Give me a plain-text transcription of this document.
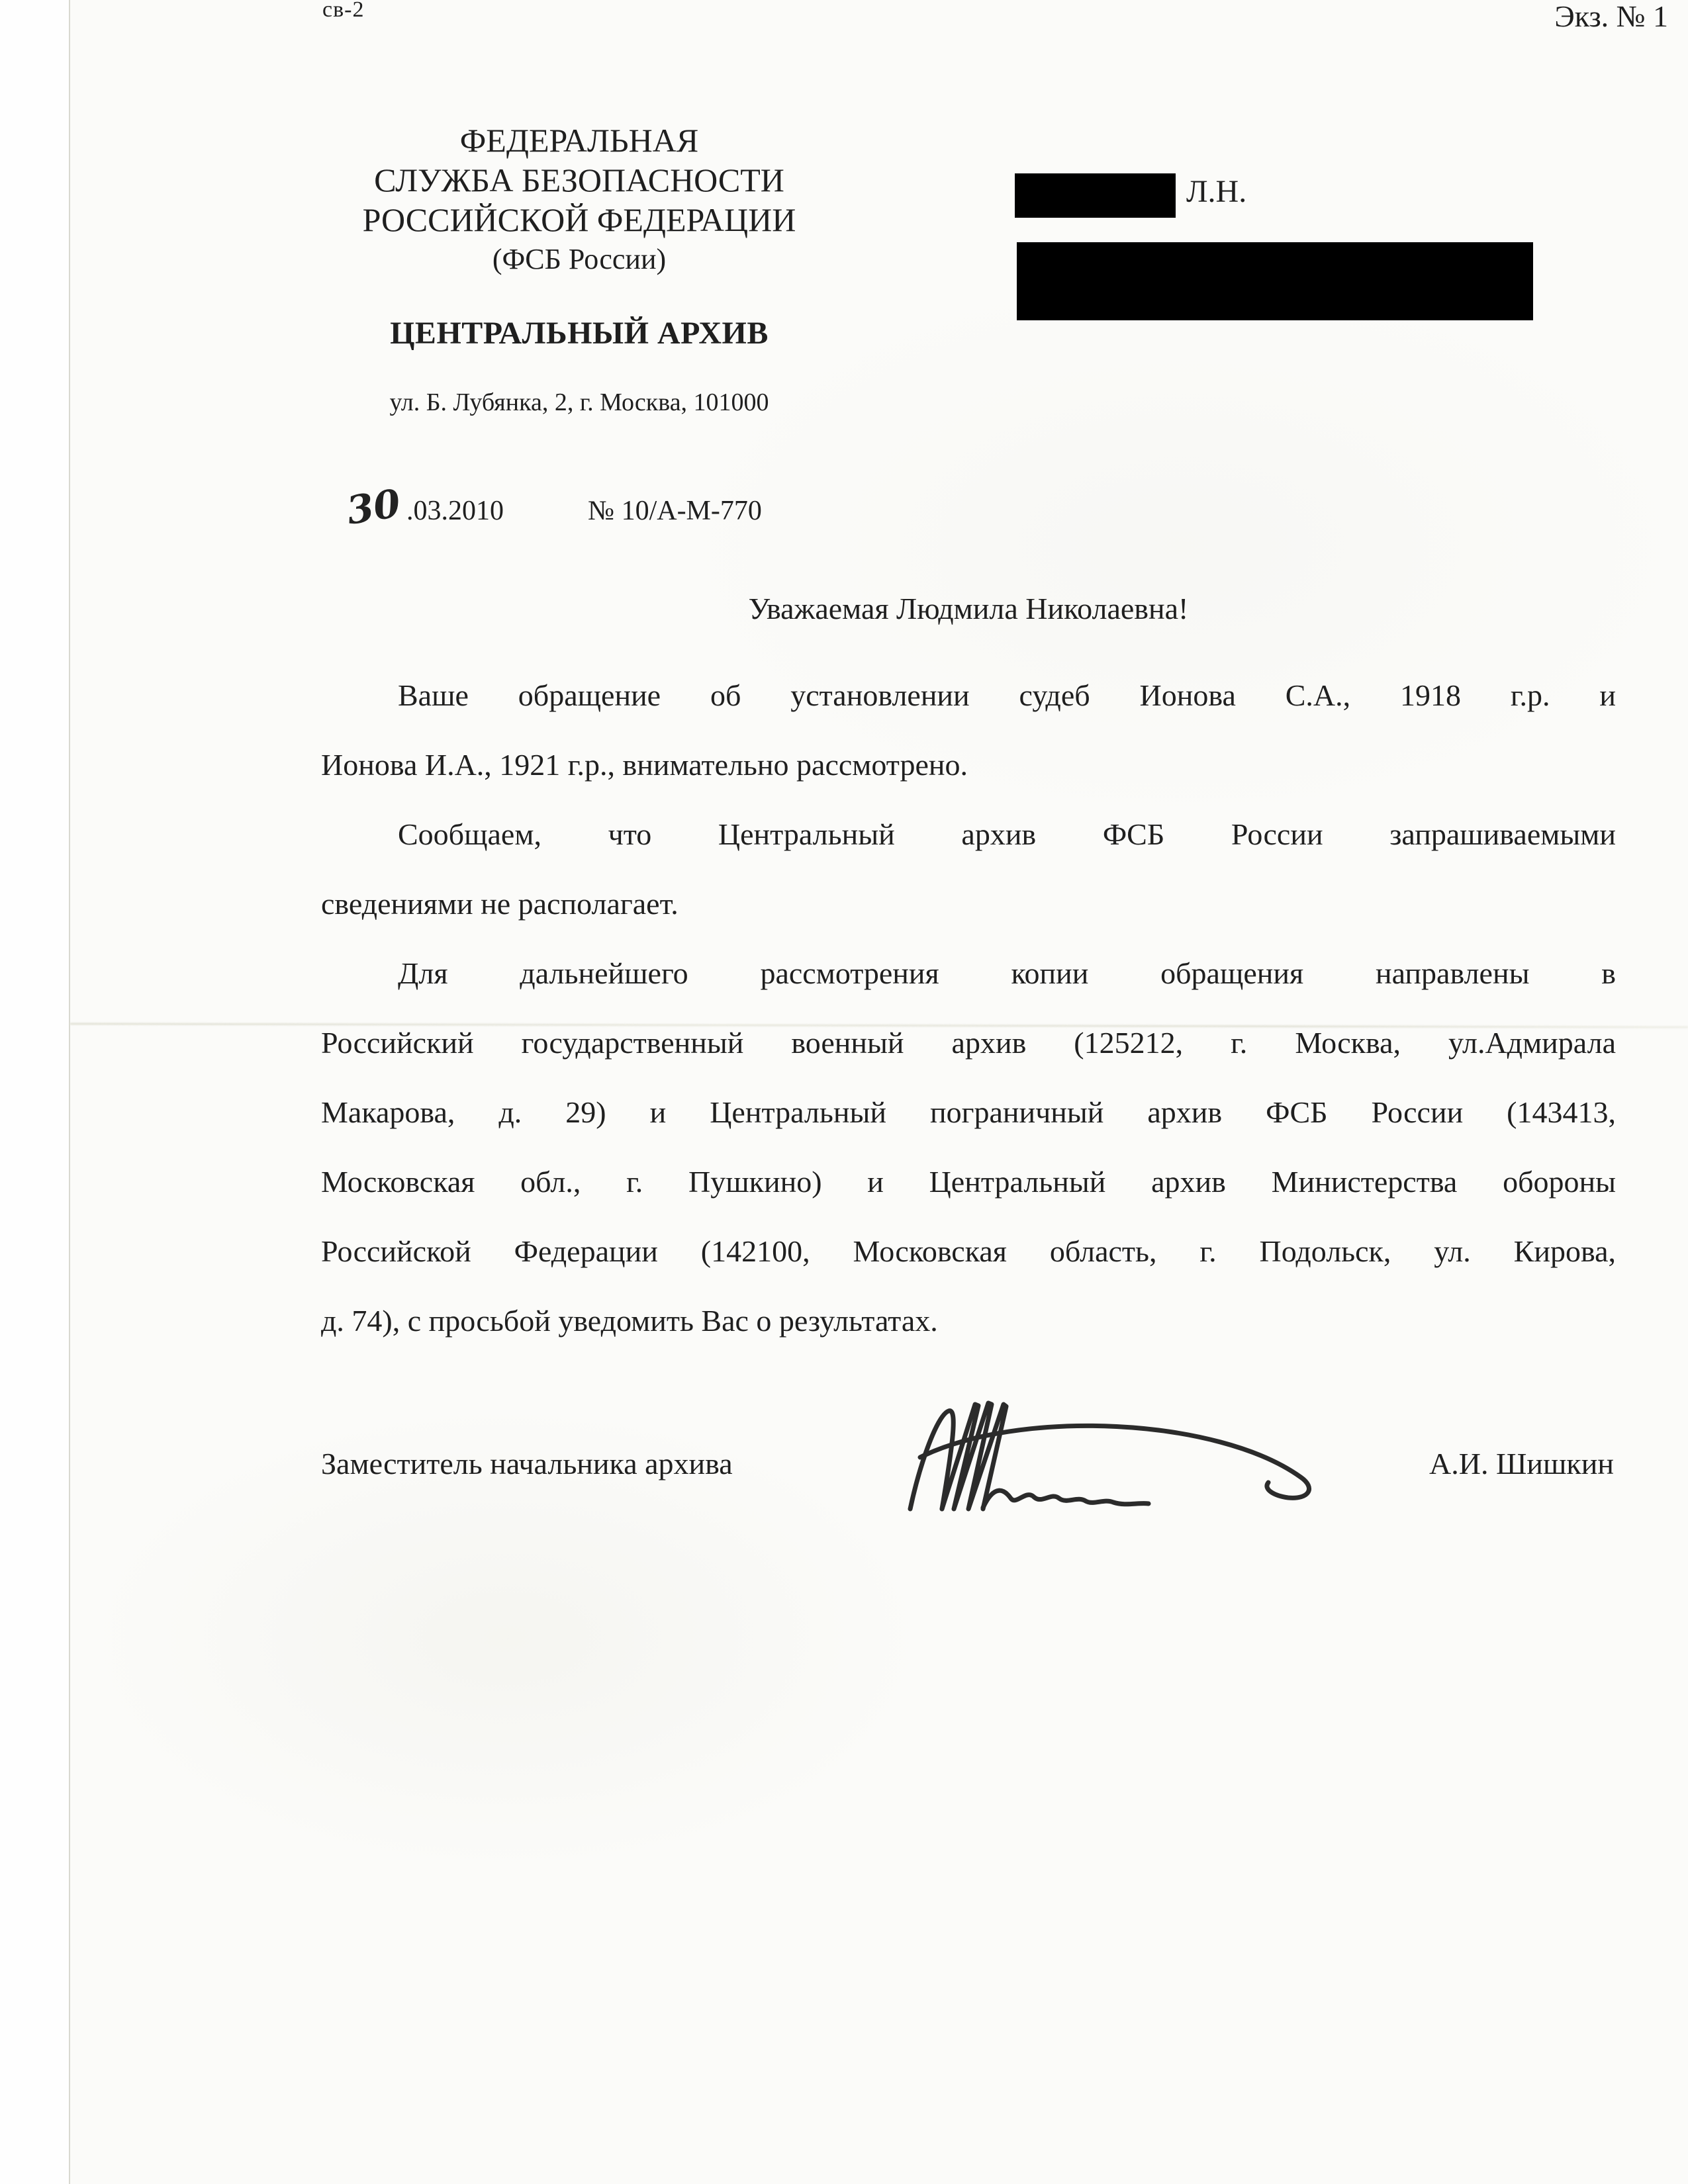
св-2	Экз. № 1
ФЕДЕРАЛЬНАЯ
СЛУЖБА БЕЗОПАСНОСТИ
РОССИЙСКОЙ ФЕДЕРАЦИИ
(ФСБ России)
ЦЕНТРАЛЬНЫЙ АРХИВ
ул. Б. Лубянка, 2, г. Москва, 101000
30 .03.2010	№ 10/А-М-770
Л.Н.
Уважаемая Людмила Николаевна!
Ваше обращение об установлении судеб Ионова С.А., 1918 г.р. и
Ионова И.А., 1921 г.р., внимательно рассмотрено.
Сообщаем, что Центральный архив ФСБ России запрашиваемыми
сведениями не располагает.
Для дальнейшего рассмотрения копии обращения направлены в
Российский государственный военный архив (125212, г. Москва, ул.Адмирала
Макарова, д. 29) и Центральный пограничный архив ФСБ России (143413,
Московская обл., г. Пушкино) и Центральный архив Министерства обороны
Российской Федерации (142100, Московская область, г. Подольск, ул. Кирова,
д. 74), с просьбой уведомить Вас о результатах.
Заместитель начальника архива	А.И. Шишкин
